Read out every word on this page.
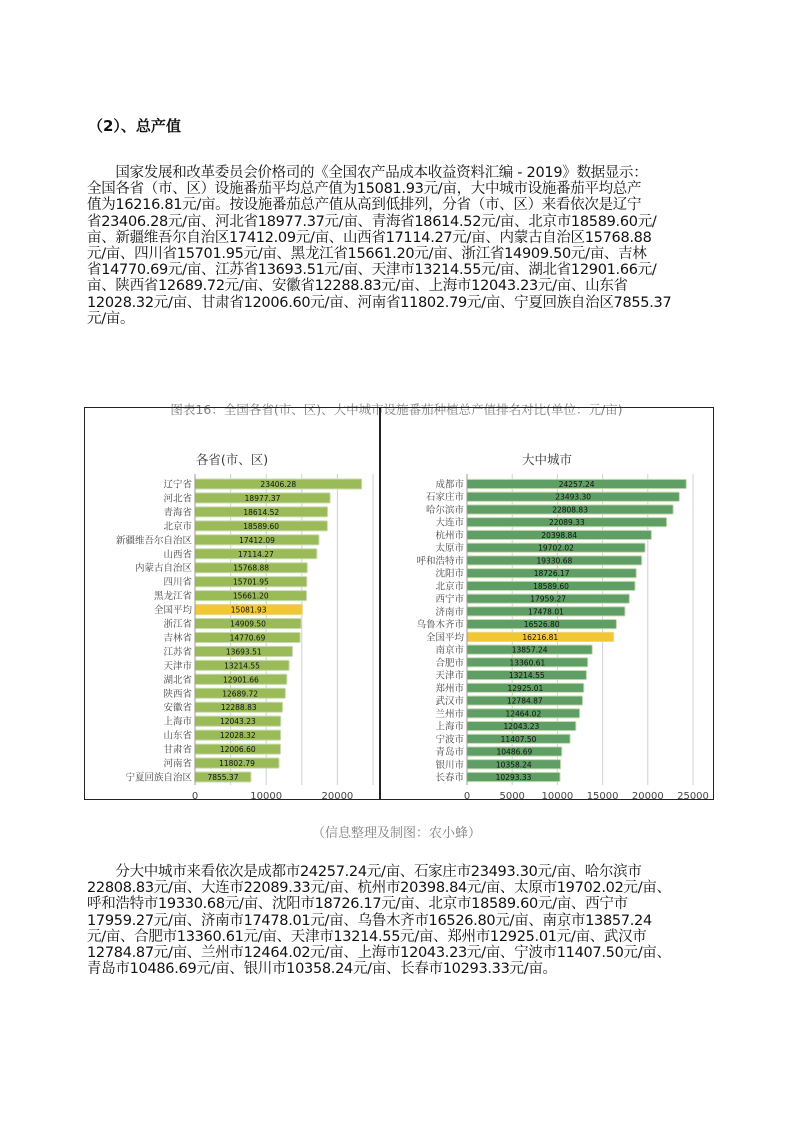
（2）、总产值
　　国家发展和改革委员会价格司的《全国农产品成本收益资料汇编 - 2019》数据显示：
全国各省（市、区）设施番茄平均总产值为15081.93元/亩，大中城市设施番茄平均总产
值为16216.81元/亩。按设施番茄总产值从高到低排列，分省（市、区）来看依次是辽宁
省23406.28元/亩、河北省18977.37元/亩、青海省18614.52元/亩、北京市18589.60元/
亩、新疆维吾尔自治区17412.09元/亩、山西省17114.27元/亩、内蒙古自治区15768.88
元/亩、四川省15701.95元/亩、黑龙江省15661.20元/亩、浙江省14909.50元/亩、吉林
省14770.69元/亩、江苏省13693.51元/亩、天津市13214.55元/亩、湖北省12901.66元/
亩、陕西省12689.72元/亩、安徽省12288.83元/亩、上海市12043.23元/亩、山东省
12028.32元/亩、甘肃省12006.60元/亩、河南省11802.79元/亩、宁夏回族自治区7855.37
元/亩。
图表16：全国各省(市、区)、大中城市设施番茄种植总产值排名对比(单位：元/亩)
各省(市、区)
0	10000	20000
辽宁省	23406.28
河北省	18977.37
青海省	18614.52
北京市	18589.60
新疆维吾尔自治区	17412.09
山西省	17114.27
内蒙古自治区	15768.88
四川省	15701.95
黑龙江省	15661.20
全国平均	15081.93
浙江省	14909.50
吉林省	14770.69
江苏省	13693.51
天津市	13214.55
湖北省	12901.66
陕西省	12689.72
安徽省	12288.83
上海市	12043.23
山东省	12028.32
甘肃省	12006.60
河南省	11802.79
宁夏回族自治区 7855.37
大中城市
0	5000 10000 15000 20000 25000
成都市	24257.24
石家庄市	23493.30
哈尔滨市	22808.83
大连市	22089.33
杭州市	20398.84
太原市	19702.02
呼和浩特市	19330.68
沈阳市	18726.17
北京市	18589.60
西宁市	17959.27
济南市	17478.01
乌鲁木齐市	16526.80
全国平均	16216.81
南京市	13857.24
合肥市	13360.61
天津市	13214.55
郑州市	12925.01
武汉市	12784.87
兰州市	12464.02
上海市	12043.23
宁波市	11407.50
青岛市	10486.69
银川市	10358.24
长春市	10293.33
（信息整理及制图：农小蜂）
　　分大中城市来看依次是成都市24257.24元/亩、石家庄市23493.30元/亩、哈尔滨市
22808.83元/亩、大连市22089.33元/亩、杭州市20398.84元/亩、太原市19702.02元/亩、
呼和浩特市19330.68元/亩、沈阳市18726.17元/亩、北京市18589.60元/亩、西宁市
17959.27元/亩、济南市17478.01元/亩、乌鲁木齐市16526.80元/亩、南京市13857.24
元/亩、合肥市13360.61元/亩、天津市13214.55元/亩、郑州市12925.01元/亩、武汉市
12784.87元/亩、兰州市12464.02元/亩、上海市12043.23元/亩、宁波市11407.50元/亩、
青岛市10486.69元/亩、银川市10358.24元/亩、长春市10293.33元/亩。
